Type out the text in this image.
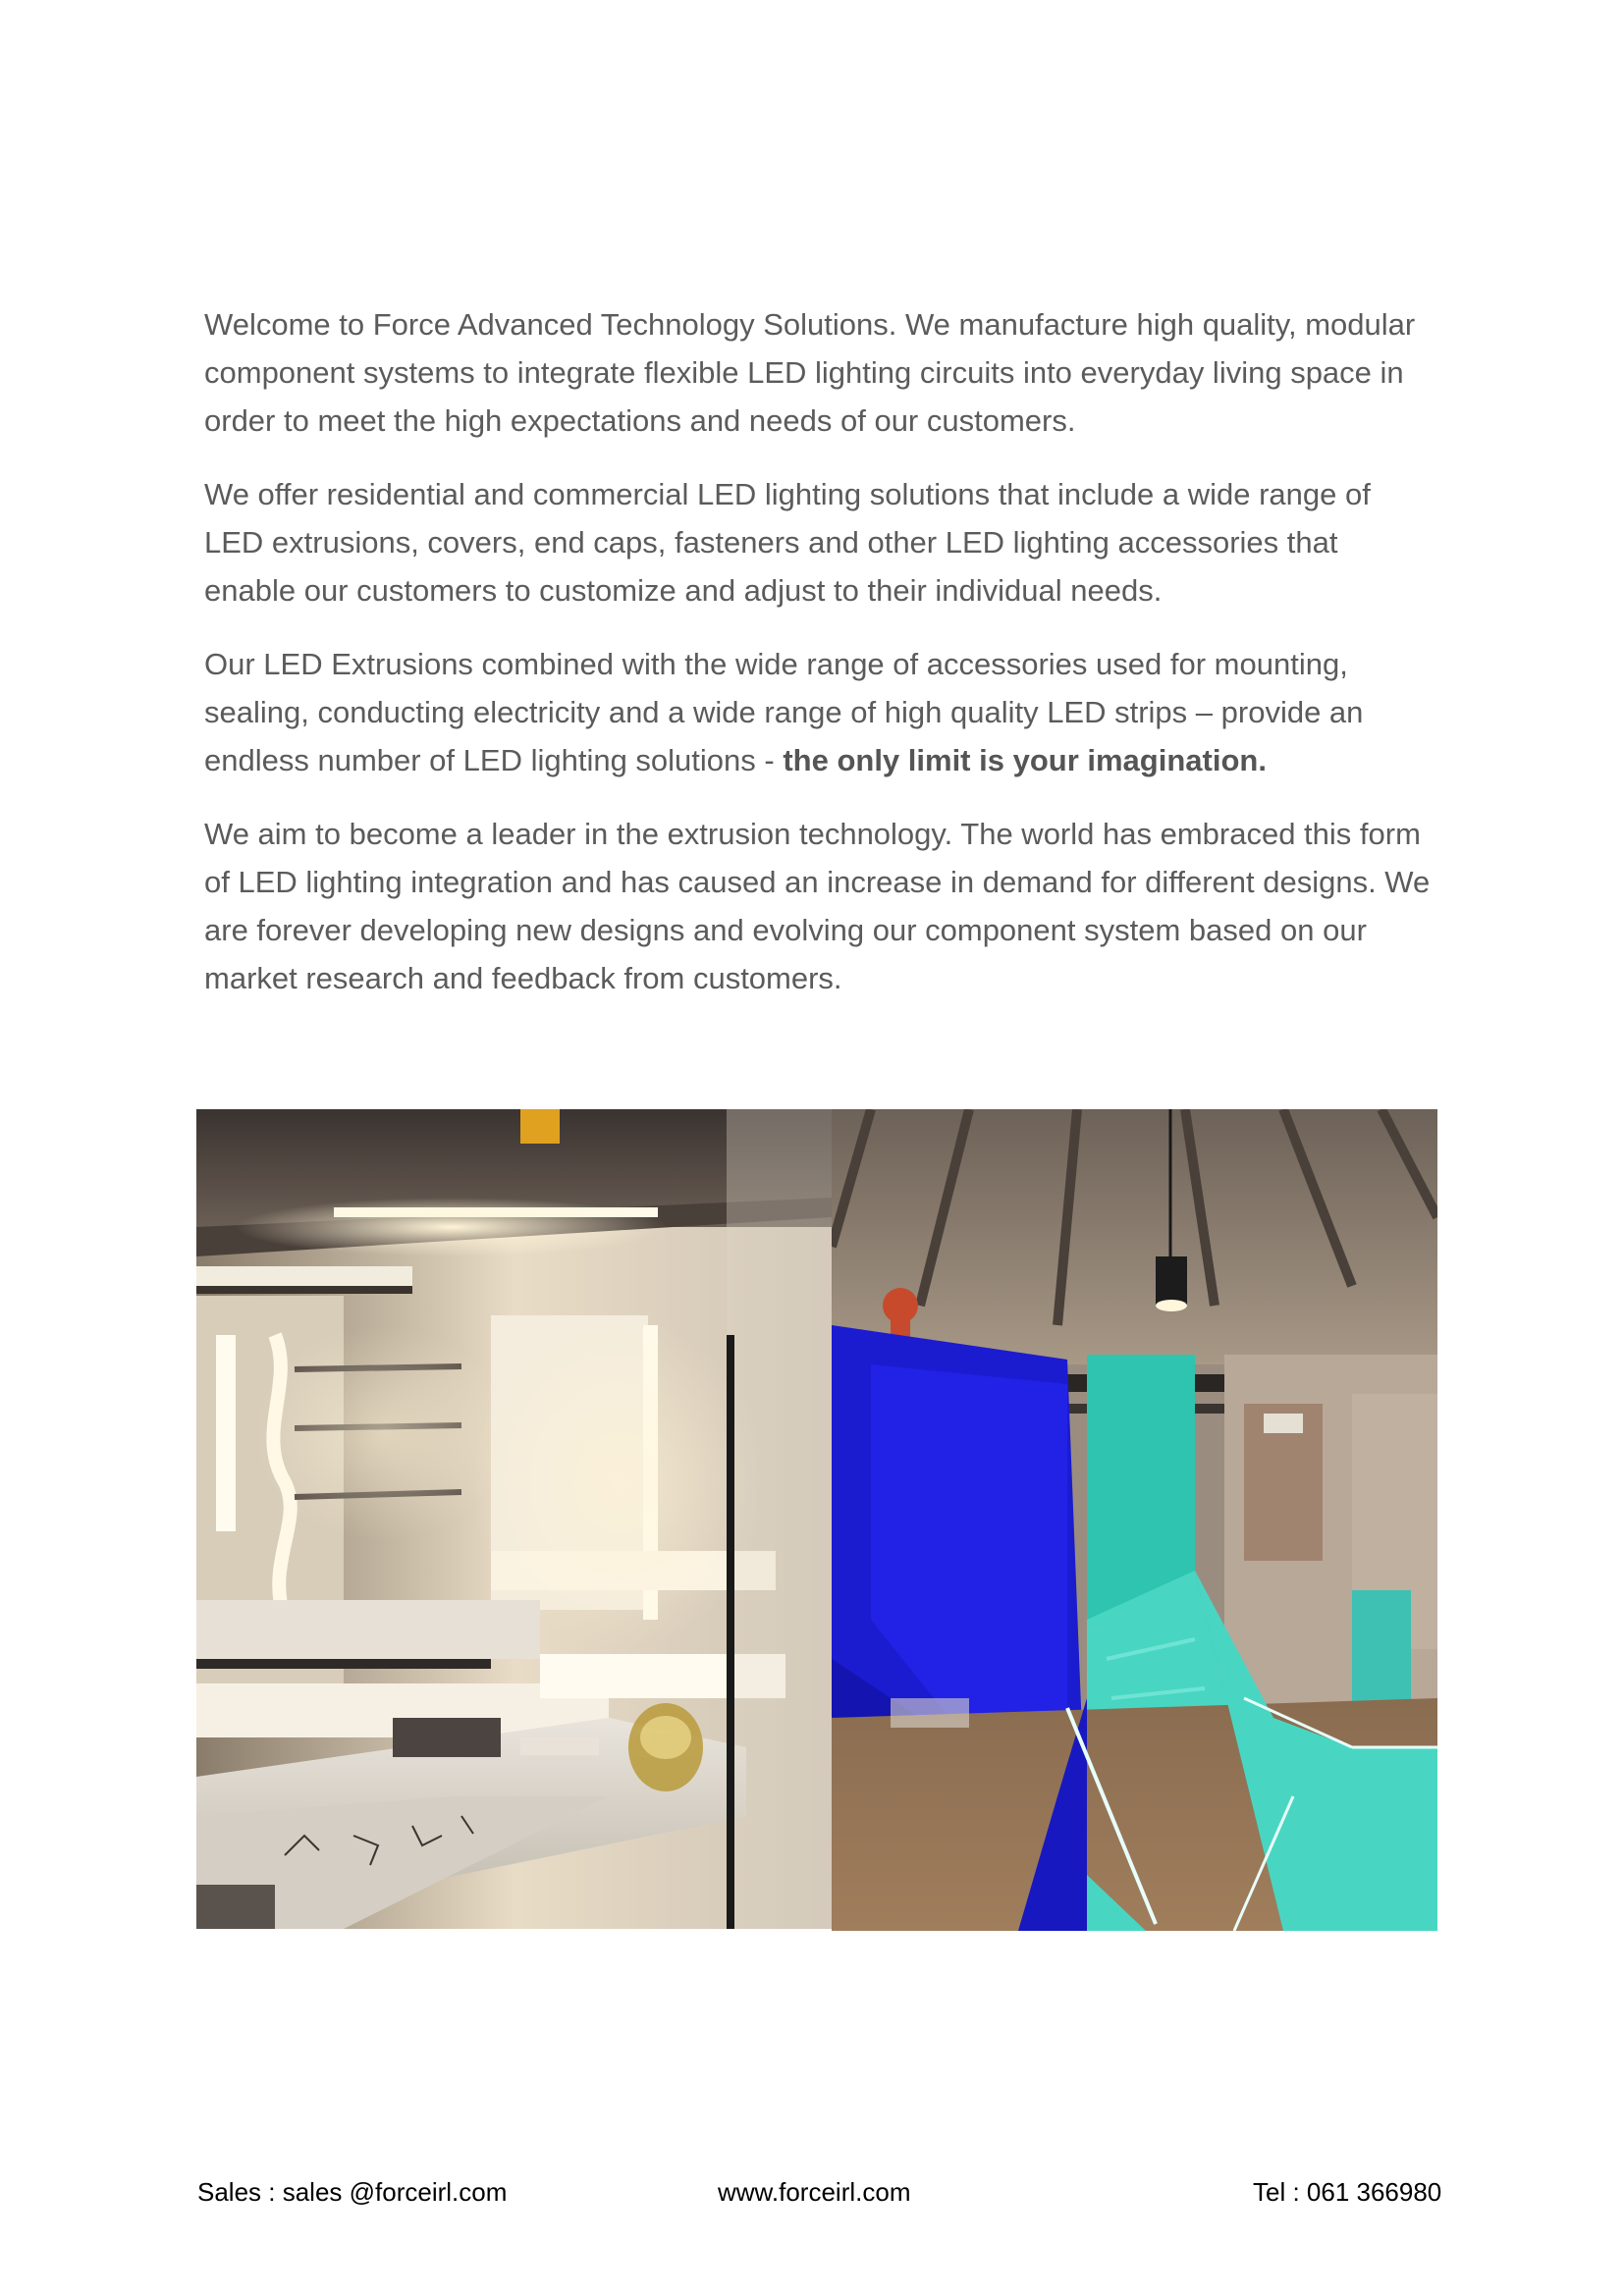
Welcome to Force Advanced Technology Solutions. We manufacture high quality, modular component systems to integrate flexible LED lighting circuits into everyday living space in order to meet the high expectations and needs of our customers.

We offer residential and commercial LED lighting solutions that include a wide range of LED extrusions, covers, end caps, fasteners and other LED lighting accessories that enable our customers to customize and adjust to their individual needs.

Our LED Extrusions combined with the wide range of accessories used for mounting, sealing, conducting electricity and a wide range of high quality LED strips – provide an endless number of LED lighting solutions - the only limit is your imagination.

We aim to become a leader in the extrusion technology. The world has embraced this form of LED lighting integration and has caused an increase in demand for different designs. We are forever developing new designs and evolving our component system based on our market research and feedback from customers.

Sales : sales @forceirl.com	www.forceirl.com	Tel : 061 366980
